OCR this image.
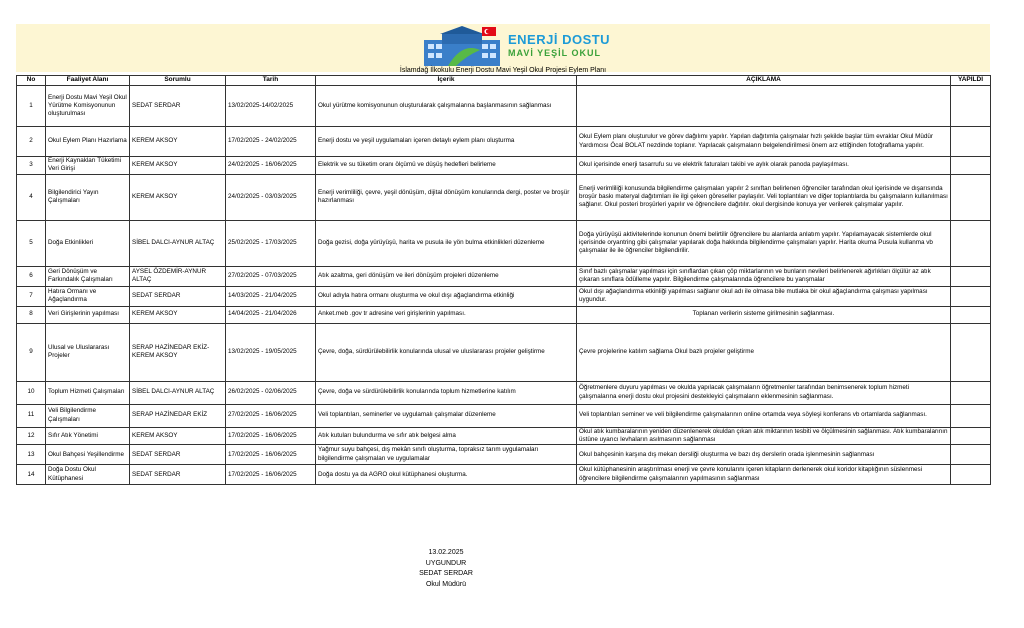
ENERJİ DOSTU
MAVİ YEŞİL OKUL
İslamdağ İlkokulu Enerji Dostu Mavi Yeşil Okul Projesi Eylem Planı
No	Faaliyet Alanı	Sorumlu	Tarih	İçerik	AÇIKLAMA	YAPILDI
1	Enerji Dostu Mavi Yeşil Okul Yürütme Komisyonunun oluşturulması	SEDAT SERDAR	13/02/2025-14/02/2025	Okul yürütme komisyonunun oluşturularak çalışmalarına başlanmasının sağlanması		
2	Okul Eylem Planı Hazırlama	KEREM AKSOY	17/02/2025 - 24/02/2025	Enerji dostu ve yeşil uygulamaları içeren detaylı eylem planı oluşturma	Okul Eylem planı oluşturulur ve görev dağılımı yapılır. Yapılan dağıtımla çalışmalar hızlı şekilde başlar tüm evraklar Okul Müdür Yardımcısı Öcal BOLAT nezdinde toplanır. Yapılacak çalışmaların belgelendirilmesi önem arz ettiğinden fotoğraflama yapılır.	
3	Enerji Kaynakları Tüketimi Veri Girişi	KEREM AKSOY	24/02/2025 - 16/06/2025	Elektrik ve su tüketim oranı ölçümü ve düşüş hedefleri belirleme	Okul içerisinde enerji tasarrufu su ve elektrik faturaları takibi ve aylık olarak panoda paylaşılması.	
4	Bilgilendirici Yayın Çalışmaları	KEREM AKSOY	24/02/2025 - 03/03/2025	Enerji verimliliği, çevre, yeşil dönüşüm, dijital dönüşüm konularında dergi, poster ve broşür hazırlanması	Enerji verimliliği konusunda bilgilendirme çalışmaları yapılır 2 sınıftan belirlenen öğrenciler tarafından okul içerisinde ve dışarısında broşür baskı materyal dağıtımları ile ilgi çeken göreseller paylaşılır. Veli toplantıları ve diğer toplantılarda bu çalışmaların kullanılması sağlanır. Okul posteri broşürleri yapılır ve öğrencilere dağıtılır. okul dergisinde konuya yer verilerek çalışmalar yapılır.	
5	Doğa Etkinlikleri	SİBEL DALCI-AYNUR ALTAÇ	25/02/2025 - 17/03/2025	Doğa gezisi, doğa yürüyüşü, harita ve pusula ile yön bulma etkinlikleri düzenleme	Doğa yürüyüşü aktivitelerinde konunun önemi belirtilir öğrencilere bu alanlarda anlatım yapılır. Yapılamayacak sistemlerde okul içerisinde oryantring gibi çalışmalar yapılarak doğa hakkında bilgilendirme çalışmaları yapılır. Harita okuma Pusula kullanma vb çalışmalar ile ile öğrenciler bilgilendirilir.	
6	Geri Dönüşüm ve Farkındalık Çalışmaları	AYSEL ÖZDEMİR-AYNUR ALTAÇ	27/02/2025 - 07/03/2025	Atık azaltma, geri dönüşüm ve ileri dönüşüm projeleri düzenleme	Sınıf bazlı çalışmalar yapılması için sınıflardan çıkan çöp miktarlarının ve bunların nevileri belirlenerek ağırlıkları ölçülür az atık çıkaran sınıflara ödülleme yapılır. Bilgilendirme çalışmalarında öğrencilere bu yarışmalar	
7	Hatıra Ormanı ve Ağaçlandırma	SEDAT SERDAR	14/03/2025 - 21/04/2025	Okul adıyla hatıra ormanı oluşturma ve okul dışı ağaçlandırma etkinliği	Okul dışı ağaçlandırma etkinliği yapılması sağlanır okul adı ile olmasa bile mutlaka bir okul ağaçlandırma çalışması yapılması uygundur.	
8	Veri Girişlerinin yapılması	KEREM AKSOY	14/04/2025 - 21/04/2026	Anket.meb .gov tr adresine veri girişlerinin yapılması.	Toplanan verilerin sisteme girilmesinin sağlanması.	
9	Ulusal ve Uluslararası Projeler	SERAP HAZİNEDAR EKİZ-KEREM AKSOY	13/02/2025 - 19/05/2025	Çevre, doğa, sürdürülebilirlik konularında ulusal ve uluslararası projeler geliştirme	Çevre projelerine katılım sağlama Okul bazlı projeler geliştirme	
10	Toplum Hizmeti Çalışmaları	SİBEL DALCI-AYNUR ALTAÇ	26/02/2025 - 02/06/2025	Çevre, doğa ve sürdürülebilirlik konularında toplum hizmetlerine katılım	Öğretmenlere duyuru yapılması ve okulda yapılacak çalışmaların öğretmenler tarafından benimsenerek toplum hizmeti çalışmalarına enerji dostu okul projesini destekleyici çalışmaların eklenmesinin sağlanması.	
11	Veli Bilgilendirme Çalışmaları	SERAP HAZİNEDAR EKİZ	27/02/2025 - 16/06/2025	Veli toplantıları, seminerler ve uygulamalı çalışmalar düzenleme	Veli toplantıları seminer ve veli bilgilendirme çalışmalarının online ortamda veya söyleşi konferans vb ortamlarda sağlanması.	
12	Sıfır Atık Yönetimi	KEREM AKSOY	17/02/2025 - 16/06/2025	Atık kutuları bulundurma ve sıfır atık belgesi alma	Okul atık kumbaralarının yeniden düzenlenerek okuldan çıkan atık miktarının tesbiti ve ölçülmesinin sağlanması. Atık kumbaralarının üstüne uyarıcı levhaların asılmasının sağlanması	
13	Okul Bahçesi Yeşillendirme	SEDAT SERDAR	17/02/2025 - 16/06/2025	Yağmur suyu bahçesi, dış mekân sınıfı oluşturma, topraksız tarım uygulamaları bilgilendirme çalışmaları ve uygulamalar	Okul bahçesinin karşına dış mekan dersliği oluşturma ve bazı dış derslerin orada işlenmesinin sağlanması	
14	Doğa Dostu Okul Kütüphanesi	SEDAT SERDAR	17/02/2025 - 16/06/2025	Doğa dostu ya da AGRO okul kütüphanesi oluşturma.	Okul kütüphanesinin araştırılması enerji ve çevre konularını içeren kitapların derlenerek okul koridor kitaplığının süslenmesi öğrencilere bilgilendirme çalışmalarının yapılmasının sağlanması	
13.02.2025
UYGUNDUR
SEDAT SERDAR
Okul Müdürü
